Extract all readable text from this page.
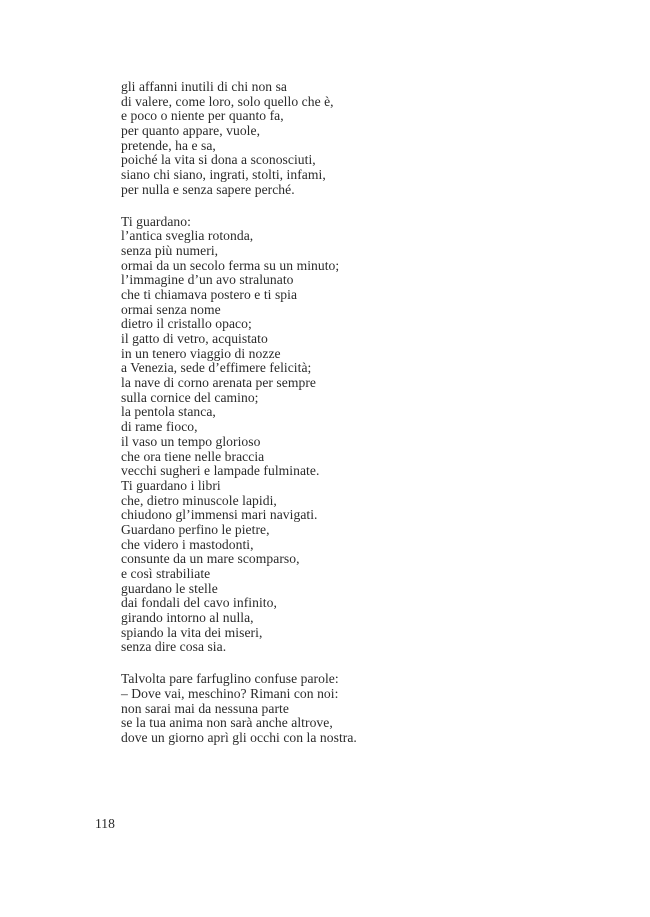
gli affanni inutili di chi non sa
di valere, come loro, solo quello che è,
e poco o niente per quanto fa,
per quanto appare, vuole,
pretende, ha e sa,
poiché la vita si dona a sconosciuti,
siano chi siano, ingrati, stolti, infami,
per nulla e senza sapere perché.
Ti guardano:
l’antica sveglia rotonda,
senza più numeri,
ormai da un secolo ferma su un minuto;
l’immagine d’un avo stralunato
che ti chiamava postero e ti spia
ormai senza nome
dietro il cristallo opaco;
il gatto di vetro, acquistato
in un tenero viaggio di nozze
a Venezia, sede d’effimere felicità;
la nave di corno arenata per sempre
sulla cornice del camino;
la pentola stanca,
di rame fioco,
il vaso un tempo glorioso
che ora tiene nelle braccia
vecchi sugheri e lampade fulminate.
Ti guardano i libri
che, dietro minuscole lapidi,
chiudono gl’immensi mari navigati.
Guardano perfino le pietre,
che videro i mastodonti,
consunte da un mare scomparso,
e così strabiliate
guardano le stelle
dai fondali del cavo infinito,
girando intorno al nulla,
spiando la vita dei miseri,
senza dire cosa sia.
Talvolta pare farfuglino confuse parole:
– Dove vai, meschino? Rimani con noi:
non sarai mai da nessuna parte
se la tua anima non sarà anche altrove,
dove un giorno aprì gli occhi con la nostra.
118
